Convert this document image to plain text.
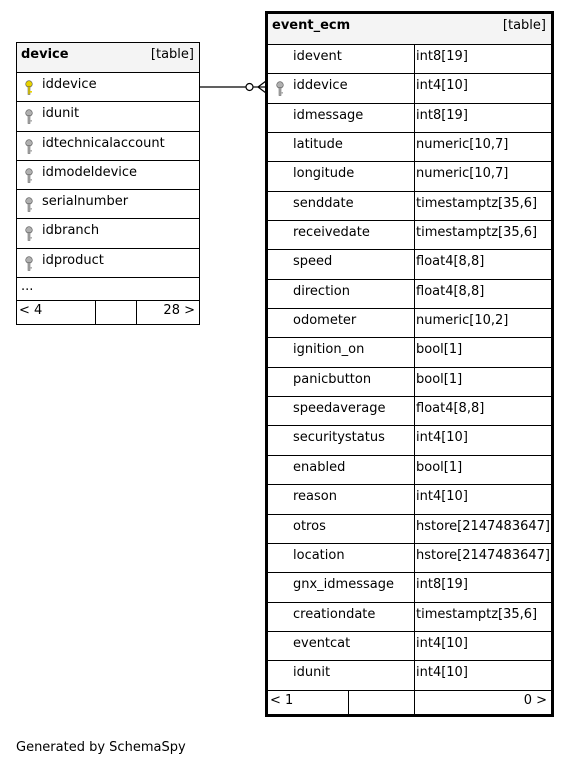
device	[table]
iddevice
idunit
idtechnicalaccount
idmodeldevice
serialnumber
idbranch
idproduct
...
< 4	28 >
event_ecm	[table]
idevent	int8[19]
iddevice	int4[10]
idmessage	int8[19]
latitude	numeric[10,7]
longitude	numeric[10,7]
senddate	timestamptz[35,6]
receivedate	timestamptz[35,6]
speed	float4[8,8]
direction	float4[8,8]
odometer	numeric[10,2]
ignition_on	bool[1]
panicbutton	bool[1]
speedaverage float4[8,8]
securitystatus int4[10]
enabled	bool[1]
reason	int4[10]
otros	hstore[2147483647]
location	hstore[2147483647]
gnx_idmessage int8[19]
creationdate	timestamptz[35,6]
eventcat	int4[10]
idunit	int4[10]
< 1	0 >
Generated by SchemaSpy
